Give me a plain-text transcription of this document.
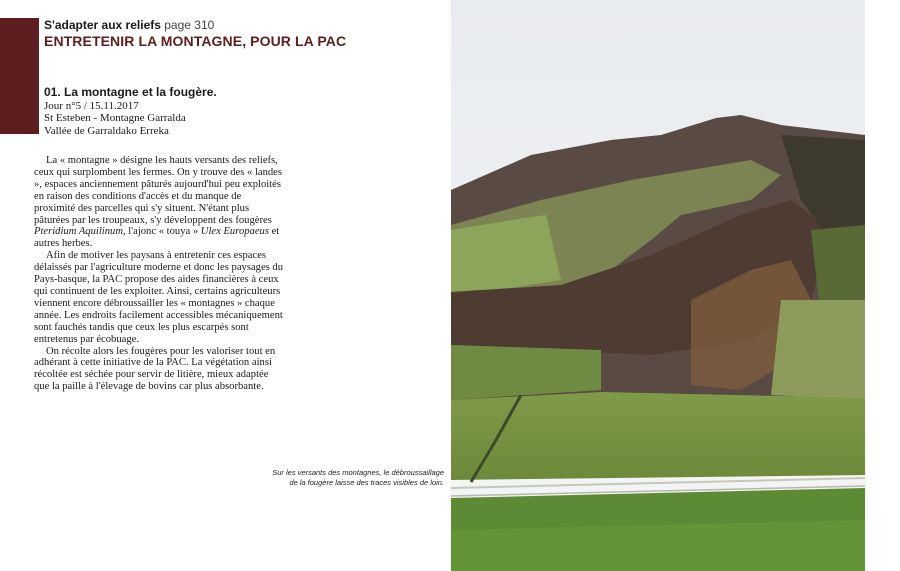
S'adapter aux reliefs page 310
ENTRETENIR LA MONTAGNE, POUR LA PAC
01. La montagne et la fougère.
Jour n°5 / 15.11.2017
St Esteben - Montagne Garralda
Vallée de Garraldako Erreka

La « montagne » désigne les hauts versants des reliefs, ceux qui surplombent les fermes. On y trouve des « landes », espaces anciennement pâturés aujourd'hui peu exploités en raison des conditions d'accès et du manque de proximité des parcelles qui s'y situent. N'étant plus pâturées par les troupeaux, s'y développent des fougères Pteridium Aquilinum, l'ajonc « touya » Ulex Europaeus et autres herbes.

Afin de motiver les paysans à entretenir ces espaces délaissés par l'agriculture moderne et donc les paysages du Pays-basque, la PAC propose des aides financières à ceux qui continuent de les exploiter. Ainsi, certains agriculteurs viennent encore débroussailler les « montagnes » chaque année. Les endroits facilement accessibles mécaniquement sont fauchés tandis que ceux les plus escarpés sont entretenus par écobuage.

On récolte alors les fougères pour les valoriser tout en adhérant à cette initiative de la PAC. La végétation ainsi récoltée est séchée pour servir de litière, mieux adaptée que la paille à l'élevage de bovins car plus absorbante.

Sur les versants des montagnes, le débroussaillage
de la fougère laisse des traces visibles de loin.
